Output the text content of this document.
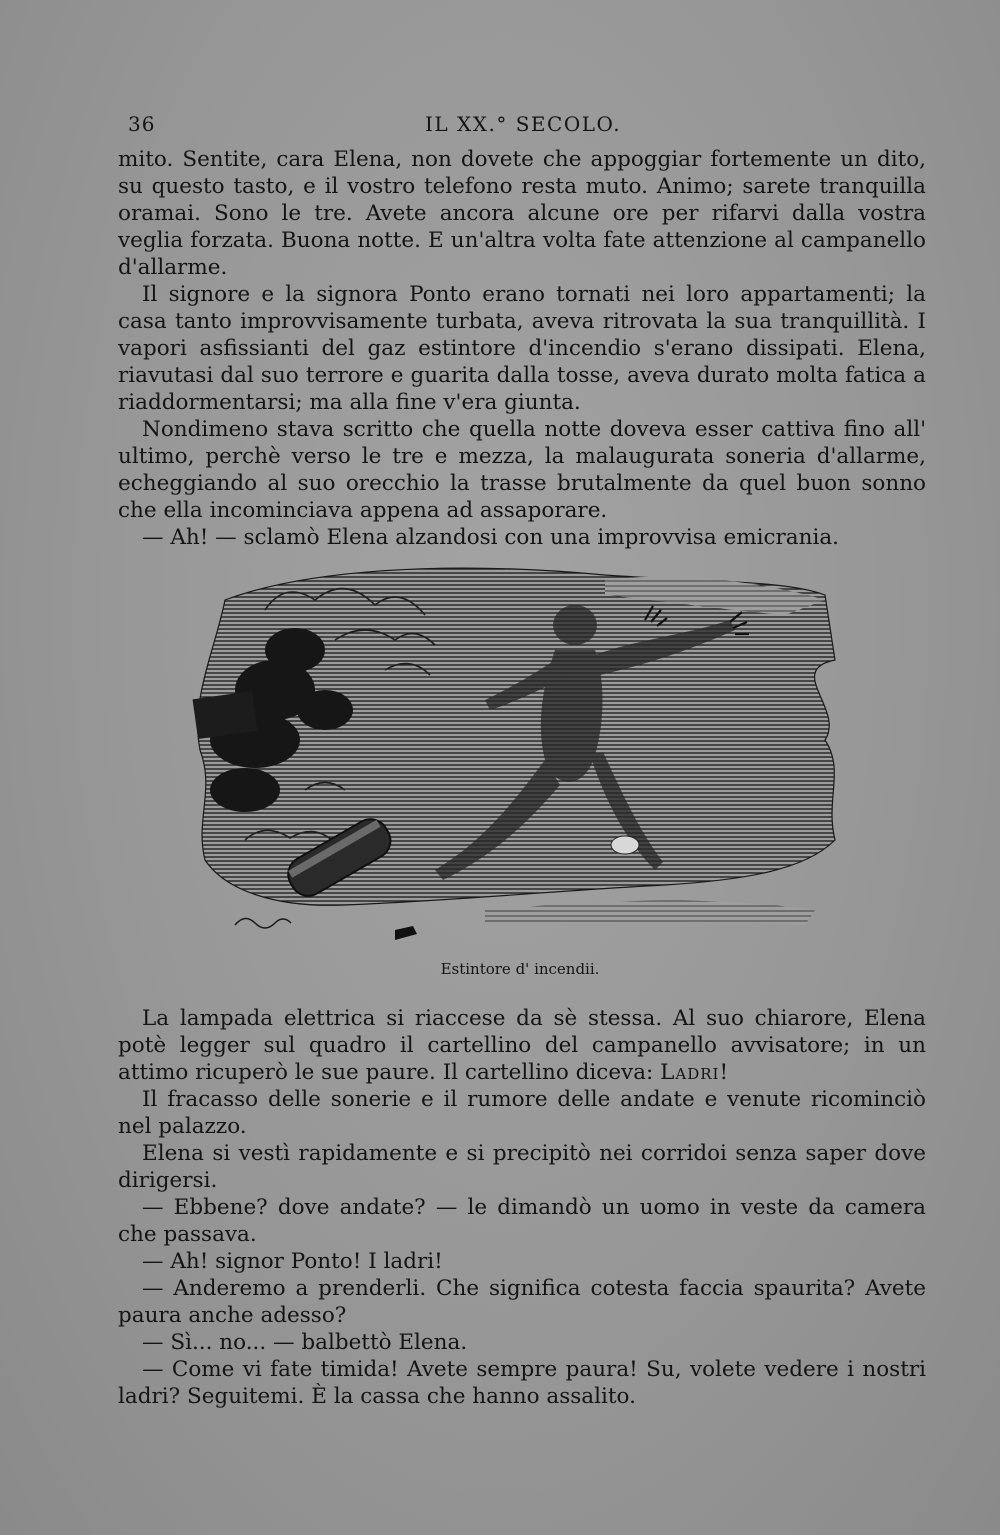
36	IL XX.° SECOLO.

mito. Sentite, cara Elena, non dovete che appoggiar fortemente un dito, su questo tasto, e il vostro telefono resta muto. Animo; sarete tranquilla oramai. Sono le tre. Avete ancora alcune ore per rifarvi dalla vostra veglia forzata. Buona notte. E un'altra volta fate attenzione al campanello d'allarme.

Il signore e la signora Ponto erano tornati nei loro appartamenti; la casa tanto improvvisamente turbata, aveva ritrovata la sua tranquillità. I vapori asfissianti del gaz estintore d'incendio s'erano dissipati. Elena, riavutasi dal suo terrore e guarita dalla tosse, aveva durato molta fatica a riaddormentarsi; ma alla fine v'era giunta.

Nondimeno stava scritto che quella notte doveva esser cattiva fino all' ultimo, perchè verso le tre e mezza, la malaugurata soneria d'allarme, echeggiando al suo orecchio la trasse brutalmente da quel buon sonno che ella incominciava appena ad assaporare.

— Ah! — sclamò Elena alzandosi con una improvvisa emicrania.

Estintore d' incendii.

La lampada elettrica si riaccese da sè stessa. Al suo chiarore, Elena potè legger sul quadro il cartellino del campanello avvisatore; in un attimo ricuperò le sue paure. Il cartellino diceva: Ladri!

Il fracasso delle sonerie e il rumore delle andate e venute ricominciò nel palazzo.

Elena si vestì rapidamente e si precipitò nei corridoi senza saper dove dirigersi.

— Ebbene? dove andate? — le dimandò un uomo in veste da camera che passava.

— Ah! signor Ponto! I ladri!

— Anderemo a prenderli. Che significa cotesta faccia spaurita? Avete paura anche adesso?

— Sì... no... — balbettò Elena.

— Come vi fate timida! Avete sempre paura! Su, volete vedere i nostri ladri? Seguitemi. È la cassa che hanno assalito.
